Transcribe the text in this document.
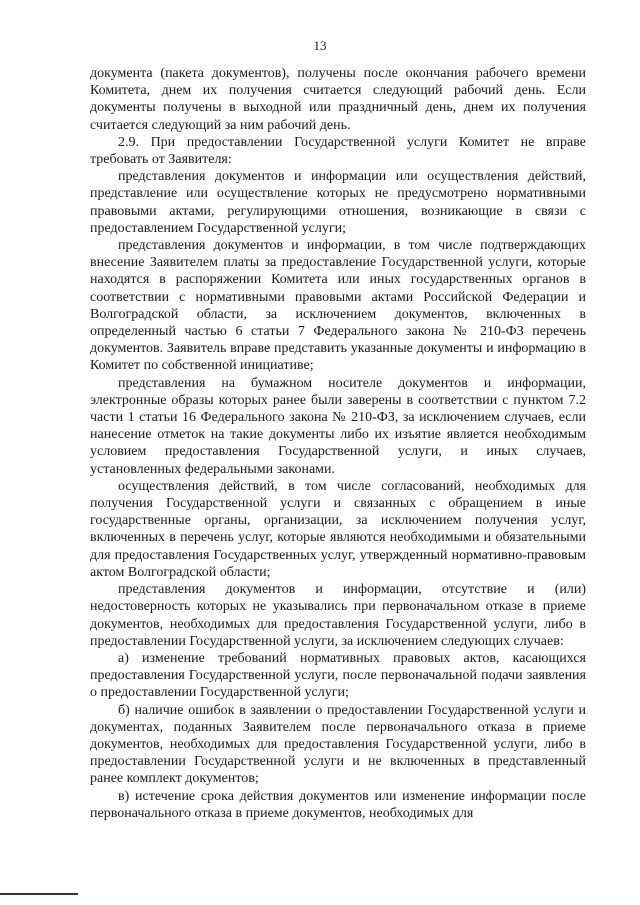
13

документа (пакета документов), получены после окончания рабочего времени Комитета, днем их получения считается следующий рабочий день. Если документы получены в выходной или праздничный день, днем их получения считается следующий за ним рабочий день.

2.9. При предоставлении Государственной услуги Комитет не вправе требовать от Заявителя:

представления документов и информации или осуществления действий, представление или осуществление которых не предусмотрено нормативными правовыми актами, регулирующими отношения, возникающие в связи с предоставлением Государственной услуги;

представления документов и информации, в том числе подтверждающих внесение Заявителем платы за предоставление Государственной услуги, которые находятся в распоряжении Комитета или иных государственных органов в соответствии с нормативными правовыми актами Российской Федерации и Волгоградской области, за исключением документов, включенных в определенный частью 6 статьи 7 Федерального закона № 210-ФЗ перечень документов. Заявитель вправе представить указанные документы и информацию в Комитет по собственной инициативе;

представления на бумажном носителе документов и информации, электронные образы которых ранее были заверены в соответствии с пунктом 7.2 части 1 статьи 16 Федерального закона № 210-ФЗ, за исключением случаев, если нанесение отметок на такие документы либо их изъятие является необходимым условием предоставления Государственной услуги, и иных случаев, установленных федеральными законами.

осуществления действий, в том числе согласований, необходимых для получения Государственной услуги и связанных с обращением в иные государственные органы, организации, за исключением получения услуг, включенных в перечень услуг, которые являются необходимыми и обязательными для предоставления Государственных услуг, утвержденный нормативно-правовым актом Волгоградской области;

представления документов и информации, отсутствие и (или) недостоверность которых не указывались при первоначальном отказе в приеме документов, необходимых для предоставления Государственной услуги, либо в предоставлении Государственной услуги, за исключением следующих случаев:

а) изменение требований нормативных правовых актов, касающихся предоставления Государственной услуги, после первоначальной подачи заявления о предоставлении Государственной услуги;

б) наличие ошибок в заявлении о предоставлении Государственной услуги и документах, поданных Заявителем после первоначального отказа в приеме документов, необходимых для предоставления Государственной услуги, либо в предоставлении Государственной услуги и не включенных в представленный ранее комплект документов;

в) истечение срока действия документов или изменение информации после первоначального отказа в приеме документов, необходимых для
